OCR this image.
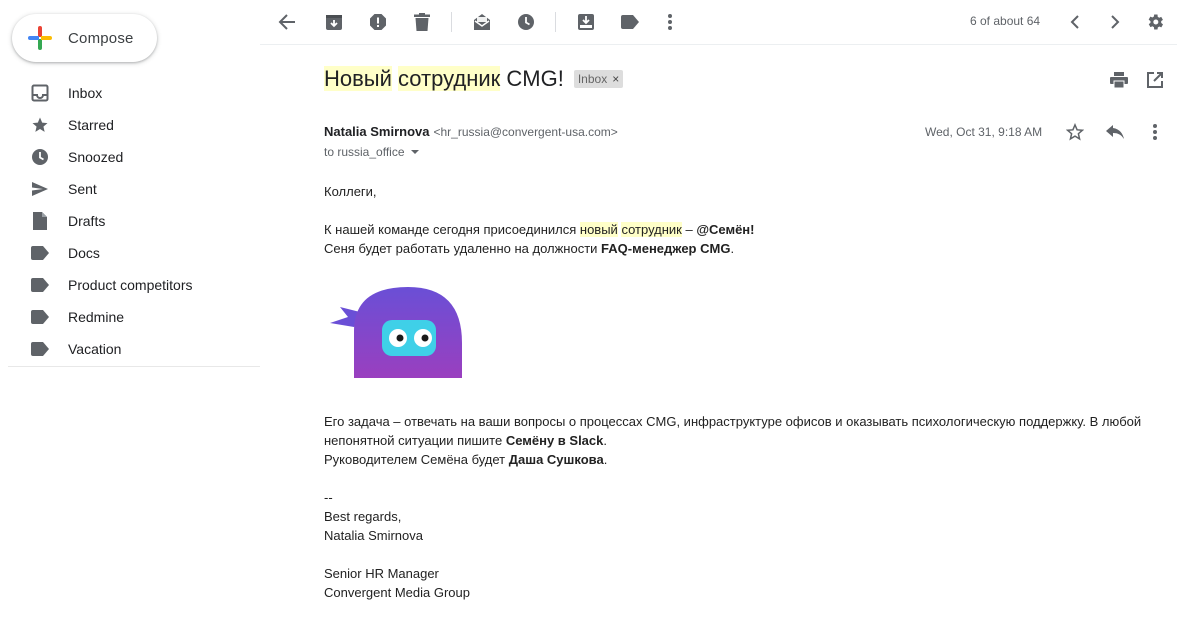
Compose
Inbox
Starred
Snoozed
Sent
Drafts
Docs
Product competitors
Redmine
Vacation
6 of about 64
Новый сотрудник CMG! Inbox ×
Natalia Smirnova <hr_russia@convergent-usa.com>
to russia_office
Wed, Oct 31, 9:18 AM

Коллеги,

К нашей команде сегодня присоединился новый сотрудник – @Семён!

Сеня будет работать удаленно на должности FAQ-менеджер CMG.

Его задача – отвечать на ваши вопросы о процессах CMG, инфраструктуре офисов и оказывать психологическую поддержку. В любой непонятной ситуации пишите Семёну в Slack.

Руководителем Семёна будет Даша Сушкова.

--

Best regards,

Natalia Smirnova

Senior HR Manager

Convergent Media Group
